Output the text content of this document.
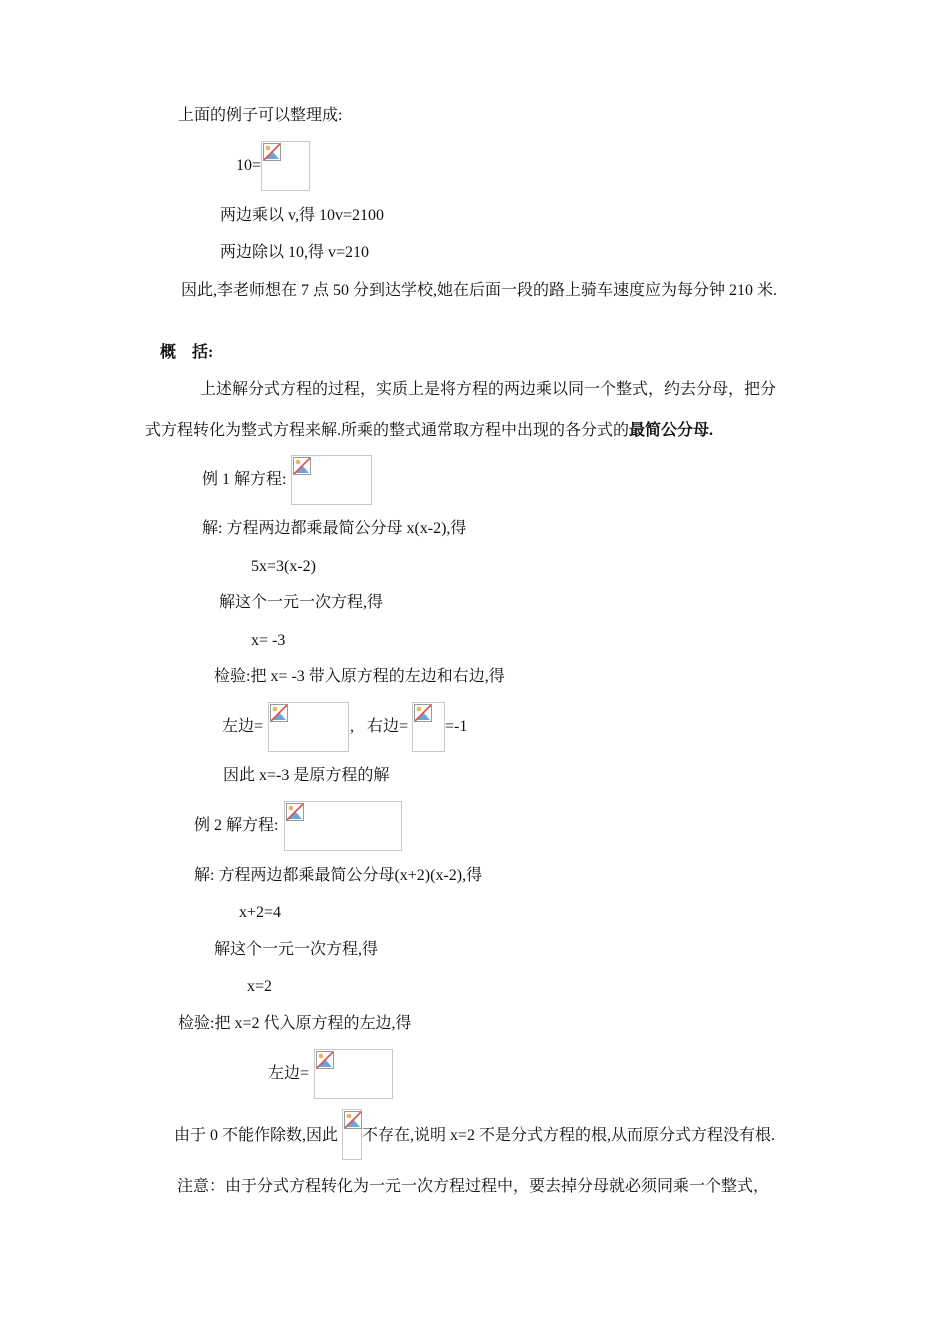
上面的例子可以整理成:
10=
两边乘以 v,得 10v=2100
两边除以 10,得 v=210
因此,李老师想在 7 点 50 分到达学校,她在后面一段的路上骑车速度应为每分钟 210 米.
概　括:
上述解分式方程的过程，实质上是将方程的两边乘以同一个整式，约去分母，把分
式方程转化为整式方程来解.所乘的整式通常取方程中出现的各分式的最简公分母.
例 1 解方程:
解: 方程两边都乘最简公分母 x(x-2),得
5x=3(x-2)
解这个一元一次方程,得
x= -3
检验:把 x= -3 带入原方程的左边和右边,得
左边=	, 右边= =-1
因此 x=-3 是原方程的解
例 2 解方程:
解: 方程两边都乘最简公分母(x+2)(x-2),得
x+2=4
解这个一元一次方程,得
x=2
检验:把 x=2 代入原方程的左边,得
左边=
由于 0 不能作除数,因此 不存在,说明 x=2 不是分式方程的根,从而原分式方程没有根.
注意：由于分式方程转化为一元一次方程过程中，要去掉分母就必须同乘一个整式，
